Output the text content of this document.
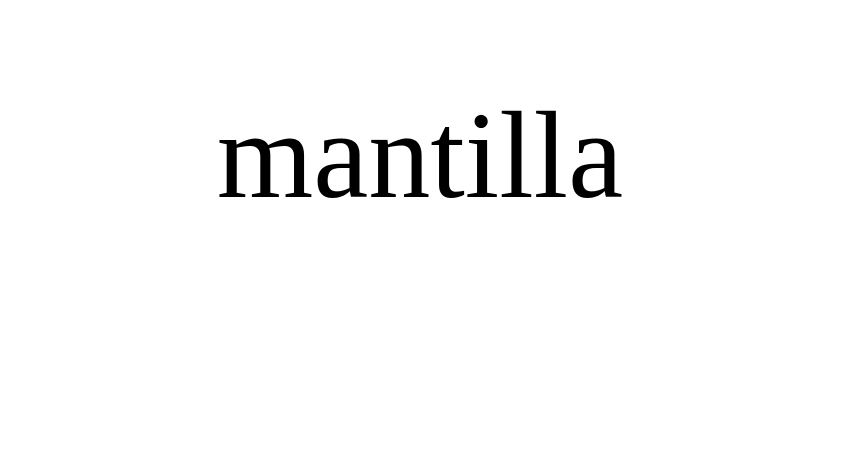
mantilla
